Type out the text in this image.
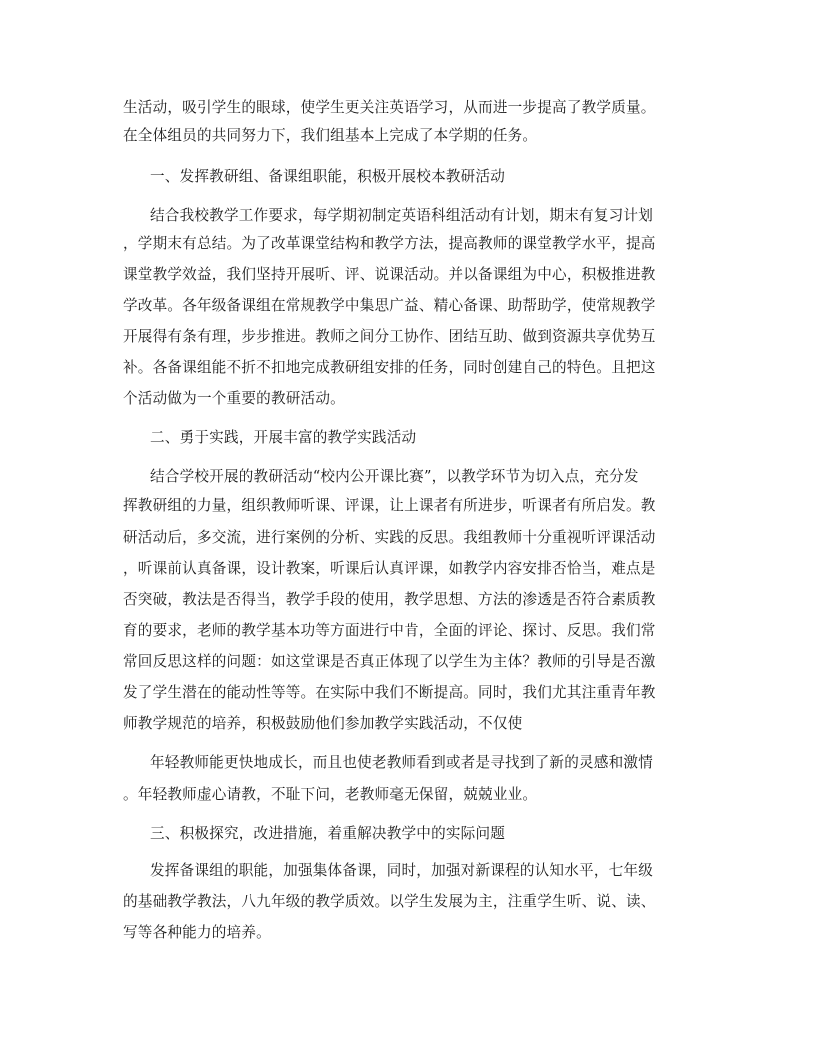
生活动，吸引学生的眼球，使学生更关注英语学习，从而进一步提高了教学质量。
在全体组员的共同努力下，我们组基本上完成了本学期的任务。
一、发挥教研组、备课组职能，积极开展校本教研活动
结合我校教学工作要求，每学期初制定英语科组活动有计划，期末有复习计划
，学期末有总结。为了改革课堂结构和教学方法，提高教师的课堂教学水平，提高
课堂教学效益，我们坚持开展听、评、说课活动。并以备课组为中心，积极推进教
学改革。各年级备课组在常规教学中集思广益、精心备课、助帮助学，使常规教学
开展得有条有理，步步推进。教师之间分工协作、团结互助、做到资源共享优势互
补。各备课组能不折不扣地完成教研组安排的任务，同时创建自己的特色。且把这
个活动做为一个重要的教研活动。
二、勇于实践，开展丰富的教学实践活动
结合学校开展的教研活动“校内公开课比赛”，以教学环节为切入点，充分发
挥教研组的力量，组织教师听课、评课，让上课者有所进步，听课者有所启发。教
研活动后，多交流，进行案例的分析、实践的反思。我组教师十分重视听评课活动
，听课前认真备课，设计教案，听课后认真评课，如教学内容安排否恰当，难点是
否突破，教法是否得当，教学手段的使用，教学思想、方法的渗透是否符合素质教
育的要求，老师的教学基本功等方面进行中肯，全面的评论、探讨、反思。我们常
常回反思这样的问题：如这堂课是否真正体现了以学生为主体？教师的引导是否激
发了学生潜在的能动性等等。在实际中我们不断提高。同时，我们尤其注重青年教
师教学规范的培养，积极鼓励他们参加教学实践活动，不仅使
年轻教师能更快地成长，而且也使老教师看到或者是寻找到了新的灵感和激情
。年轻教师虚心请教，不耻下问，老教师毫无保留，兢兢业业。
三、积极探究，改进措施，着重解决教学中的实际问题
发挥备课组的职能，加强集体备课，同时，加强对新课程的认知水平，七年级
的基础教学教法，八九年级的教学质效。以学生发展为主，注重学生听、说、读、
写等各种能力的培养。
